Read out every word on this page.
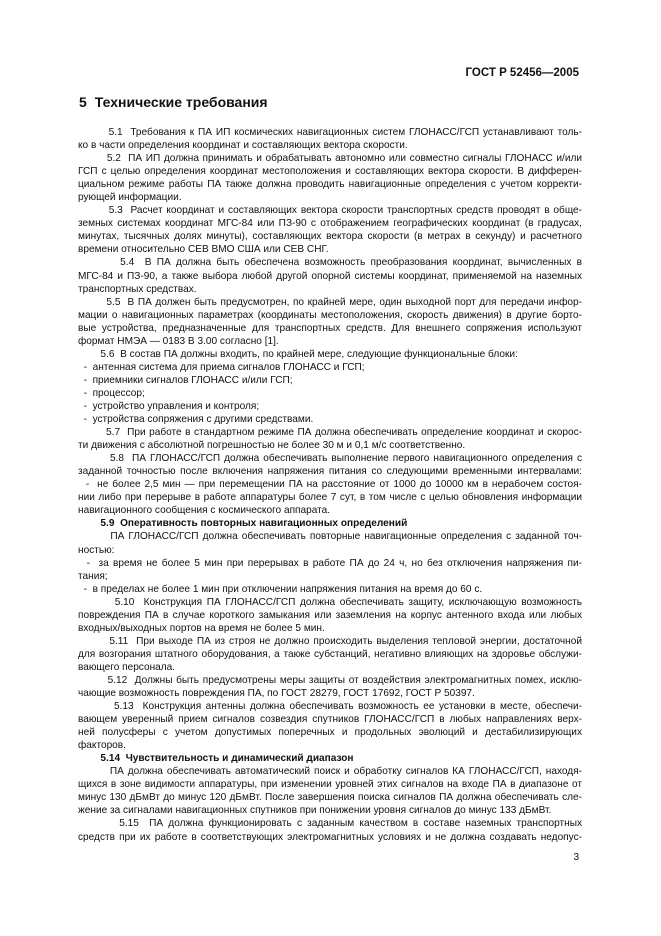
ГОСТ Р 52456—2005
5 Технические требования
5.1  Требования к ПА ИП космических навигационных систем ГЛОНАСС/ГСП устанавливают толь-
ко в части определения координат и составляющих вектора скорости.
5.2  ПА ИП должна принимать и обрабатывать автономно или совместно сигналы ГЛОНАСС и/или
ГСП с целью определения координат местоположения и составляющих вектора скорости. В дифферен-
циальном режиме работы ПА также должна проводить навигационные определения с учетом корректи-
рующей информации.
5.3  Расчет координат и составляющих вектора скорости транспортных средств проводят в обще-
земных системах координат МГС-84 или ПЗ-90 с отображением географических координат (в градусах,
минутах, тысячных долях минуты), составляющих вектора скорости (в метрах в секунду) и расчетного
времени относительно СЕВ ВМО США или СЕВ СНГ.
5.4  В ПА должна быть обеспечена возможность преобразования координат, вычисленных в
МГС-84 и ПЗ-90, а также выбора любой другой опорной системы координат, применяемой на наземных
транспортных средствах.
5.5  В ПА должен быть предусмотрен, по крайней мере, один выходной порт для передачи инфор-
мации о навигационных параметрах (координаты местоположения, скорость движения) в другие борто-
вые устройства, предназначенные для транспортных средств. Для внешнего сопряжения используют
формат НМЭА — 0183 В 3.00 согласно [1].
5.6  В состав ПА должны входить, по крайней мере, следующие функциональные блоки:
-  антенная система для приема сигналов ГЛОНАСС и ГСП;
-  приемники сигналов ГЛОНАСС и/или ГСП;
-  процессор;
-  устройство управления и контроля;
-  устройства сопряжения с другими средствами.
5.7  При работе в стандартном режиме ПА должна обеспечивать определение координат и скорос-
ти движения с абсолютной погрешностью не более 30 м и 0,1 м/с соответственно.
5.8  ПА ГЛОНАСС/ГСП должна обеспечивать выполнение первого навигационного определения с
заданной точностью после включения напряжения питания со следующими временными интервалами:
-  не более 2,5 мин — при перемещении ПА на расстояние от 1000 до 10000 км в нерабочем состоя-
нии либо при перерыве в работе аппаратуры более 7 сут, в том числе с целью обновления информации
навигационного сообщения с космического аппарата.
5.9  Оперативность повторных навигационных определений
ПА ГЛОНАСС/ГСП должна обеспечивать повторные навигационные определения с заданной точ-
ностью:
-  за время не более 5 мин при перерывах в работе ПА до 24 ч, но без отключения напряжения пи-
тания;
-  в пределах не более 1 мин при отключении напряжения питания на время до 60 с.
5.10  Конструкция ПА ГЛОНАСС/ГСП должна обеспечивать защиту, исключающую возможность
повреждения ПА в случае короткого замыкания или заземления на корпус антенного входа или любых
входных/выходных портов на время не более 5 мин.
5.11  При выходе ПА из строя не должно происходить выделения тепловой энергии, достаточной
для возгорания штатного оборудования, а также субстанций, негативно влияющих на здоровье обслужи-
вающего персонала.
5.12  Должны быть предусмотрены меры защиты от воздействия электромагнитных помех, исклю-
чающие возможность повреждения ПА, по ГОСТ 28279, ГОСТ 17692, ГОСТ Р 50397.
5.13  Конструкция антенны должна обеспечивать возможность ее установки в месте, обеспечи-
вающем уверенный прием сигналов созвездия спутников ГЛОНАСС/ГСП в любых направлениях верх-
ней полусферы с учетом допустимых поперечных и продольных эволюций и дестабилизирующих
факторов.
5.14  Чувствительность и динамический диапазон
ПА должна обеспечивать автоматический поиск и обработку сигналов КА ГЛОНАСС/ГСП, находя-
щихся в зоне видимости аппаратуры, при изменении уровней этих сигналов на входе ПА в диапазоне от
минус 130 дБмВт до минус 120 дБмВт. После завершения поиска сигналов ПА должна обеспечивать сле-
жение за сигналами навигационных спутников при понижении уровня сигналов до минус 133 дБмВт.
5.15  ПА должна функционировать с заданным качеством в составе наземных транспортных
средств при их работе в соответствующих электромагнитных условиях и не должна создавать недопус-
3
